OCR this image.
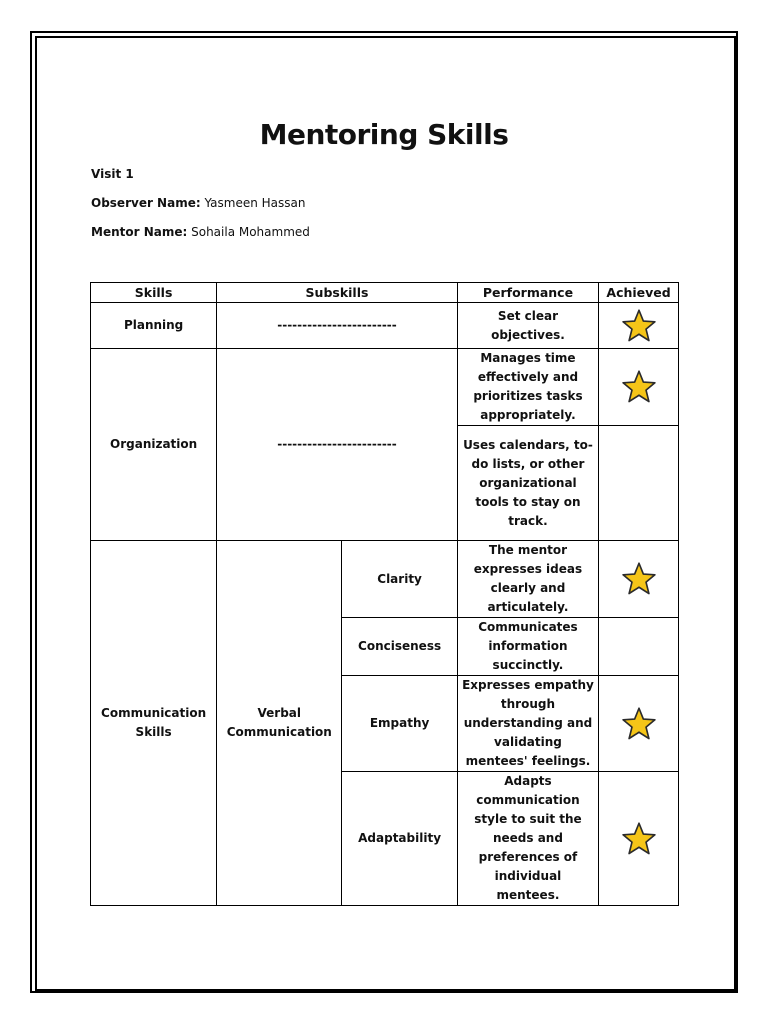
Mentoring Skills
Visit 1
Observer Name: Yasmeen Hassan
Mentor Name: Sohaila Mohammed
Skills	Subskills		Performance	Achieved
Planning	------------------------		Set clear objectives.	
Organization	------------------------		Manages time effectively and prioritizes tasks appropriately.	
			Uses calendars, to-do lists, or other organizational tools to stay on track.	
Communication Skills	Verbal Communication	Clarity	The mentor expresses ideas clearly and articulately.	
		Conciseness	Communicates information succinctly.	
		Empathy	Expresses empathy through understanding and validating mentees' feelings.	
		Adaptability	Adapts communication style to suit the needs and preferences of individual mentees.	
